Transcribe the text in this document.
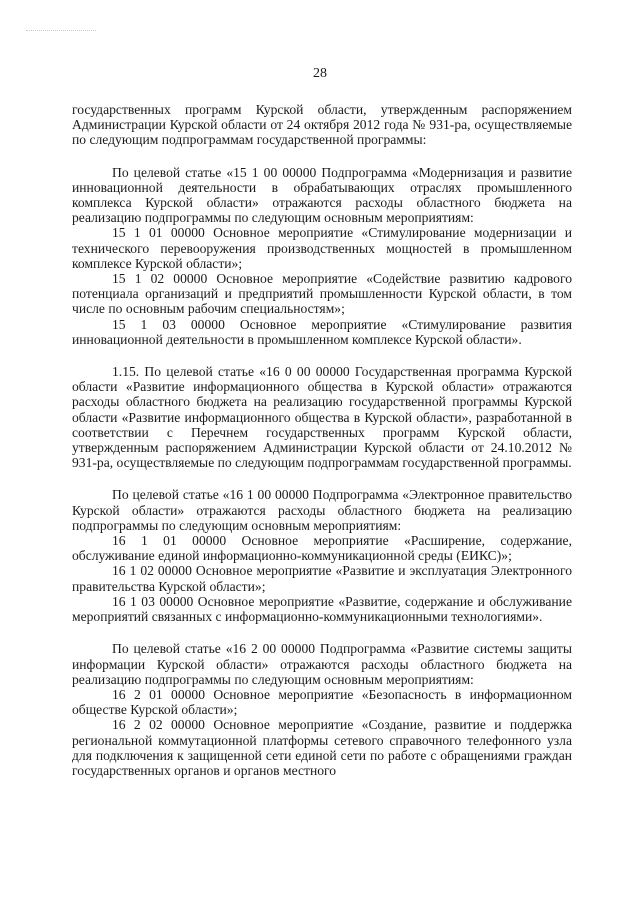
28

государственных программ Курской области, утвержденным распоряжением Администрации Курской области от 24 октября 2012 года № 931-ра, осуществляемые по следующим подпрограммам государственной программы:

По целевой статье «15 1 00 00000 Подпрограмма «Модернизация и развитие инновационной деятельности в обрабатывающих отраслях промышленного комплекса Курской области» отражаются расходы областного бюджета на реализацию подпрограммы по следующим основным мероприятиям:

15 1 01 00000 Основное мероприятие «Стимулирование модернизации и технического перевооружения производственных мощностей в промышленном комплексе Курской области»;

15 1 02 00000 Основное мероприятие «Содействие развитию кадрового потенциала организаций и предприятий промышленности Курской области, в том числе по основным рабочим специальностям»;

15 1 03 00000 Основное мероприятие «Стимулирование развития инновационной деятельности в промышленном комплексе Курской области».

1.15. По целевой статье «16 0 00 00000 Государственная программа Курской области «Развитие информационного общества в Курской области» отражаются расходы областного бюджета на реализацию государственной программы Курской области «Развитие информационного общества в Курской области», разработанной в соответствии с Перечнем государственных программ Курской области, утвержденным распоряжением Администрации Курской области от 24.10.2012 № 931-ра, осуществляемые по следующим подпрограммам государственной программы.

По целевой статье «16 1 00 00000 Подпрограмма «Электронное правительство Курской области» отражаются расходы областного бюджета на реализацию подпрограммы по следующим основным мероприятиям:

16 1 01 00000 Основное мероприятие «Расширение, содержание, обслуживание единой информационно-коммуникационной среды (ЕИКС)»;

16 1 02 00000 Основное мероприятие «Развитие и эксплуатация Электронного правительства Курской области»;

16 1 03 00000 Основное мероприятие «Развитие, содержание и обслуживание мероприятий связанных с информационно-коммуникационными технологиями».

По целевой статье «16 2 00 00000 Подпрограмма «Развитие системы защиты информации Курской области» отражаются расходы областного бюджета на реализацию подпрограммы по следующим основным мероприятиям:

16 2 01 00000 Основное мероприятие «Безопасность в информационном обществе Курской области»;

16 2 02 00000 Основное мероприятие «Создание, развитие и поддержка региональной коммутационной платформы сетевого справочного телефонного узла для подключения к защищенной сети единой сети по работе с обращениями граждан государственных органов и органов местного
